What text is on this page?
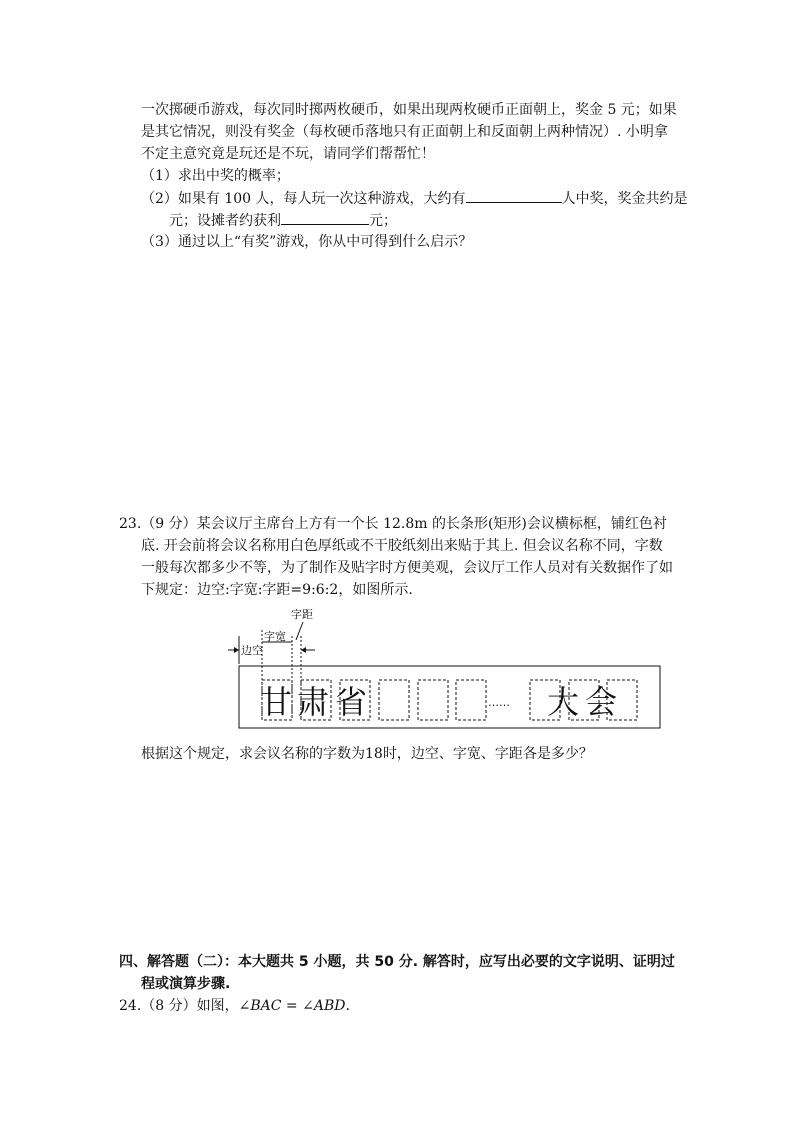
一次掷硬币游戏，每次同时掷两枚硬币，如果出现两枚硬币正面朝上，奖金 5 元；如果
是其它情况，则没有奖金（每枚硬币落地只有正面朝上和反面朝上两种情况）. 小明拿
不定主意究竟是玩还是不玩，请同学们帮帮忙！
（1）求出中奖的概率；
（2）如果有 100 人，每人玩一次这种游戏，大约有	人中奖，奖金共约是
元；设摊者约获利	元；
（3）通过以上“有奖”游戏，你从中可得到什么启示？
23.（9 分）某会议厅主席台上方有一个长 12.8m 的长条形(矩形)会议横标框，铺红色衬
底. 开会前将会议名称用白色厚纸或不干胶纸刻出来贴于其上. 但会议名称不同，字数
一般每次都多少不等，为了制作及贴字时方便美观，会议厅工作人员对有关数据作了如
下规定：边空:字宽:字距=9:6:2，如图所示.
字距
边空
字宽
甘 肃 省	…… 大 会
根据这个规定，求会议名称的字数为18时，边空、字宽、字距各是多少？
四、解答题（二）：本大题共 5 小题，共 50 分. 解答时，应写出必要的文字说明、证明过
程或演算步骤.
24.（8 分）如图，∠BAC = ∠ABD.
